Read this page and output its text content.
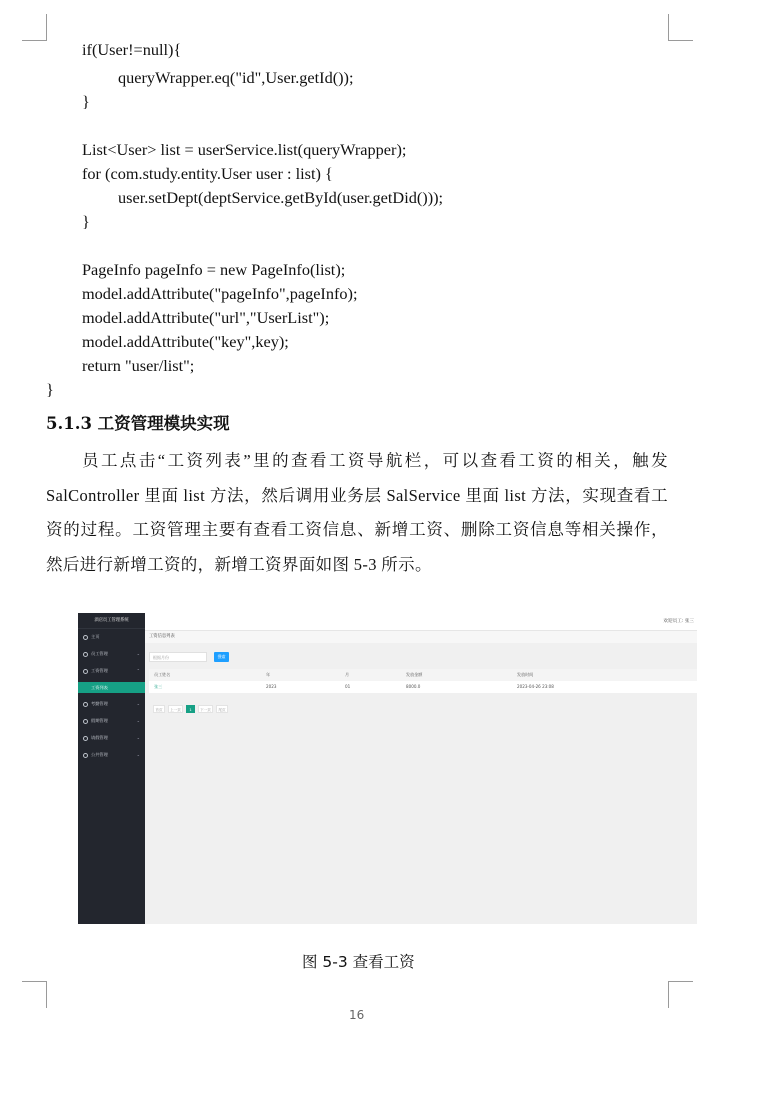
if(User!=null){
queryWrapper.eq("id",User.getId());
}
List<User> list = userService.list(queryWrapper);
for (com.study.entity.User user : list) {
user.setDept(deptService.getById(user.getDid()));
}
PageInfo pageInfo = new PageInfo(list);
model.addAttribute("pageInfo",pageInfo);
model.addAttribute("url","UserList");
model.addAttribute("key",key);
return "user/list";
}
5.1.3 工资管理模块实现
员工点击“工资列表”里的查看工资导航栏，可以查看工资的相关，触发 SalController 里面 list 方法，然后调用业务层 SalService 里面 list 方法，实现查看工资的过程。工资管理主要有查看工资信息、新增工资、删除工资信息等相关操作，然后进行新增工资的，新增工资界面如图 5-3 所示。
酒店员工管理系统
主页
员工管理	⌄
工资管理	⌃
工资列表
考勤管理	⌄
假期管理	⌄
请假管理	⌄
公共管理	⌄
欢迎员工: 张三
工资信息列表
根据月份	搜索
员工姓名	年	月	发放金额	发放时间
张三	2023	01	8000.0	2023-04-26 23:08
首页	上一页	1	下一页	尾页
图 5-3 查看工资
16
